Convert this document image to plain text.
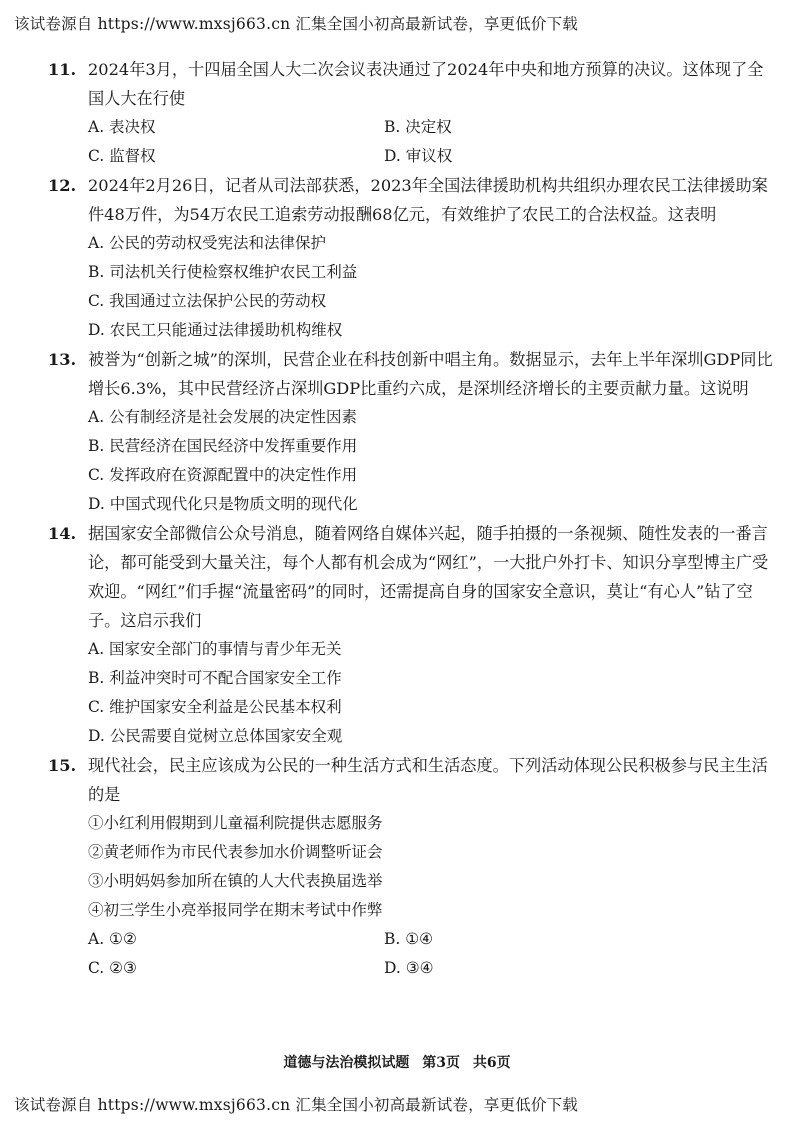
该试卷源自 https://www.mxsj663.cn 汇集全国小初高最新试卷，享更低价下载
11. 2024年3月，十四届全国人大二次会议表决通过了2024年中央和地方预算的决议。这体现了全国人大在行使
A. 表决权	B. 决定权
C. 监督权	D. 审议权
12. 2024年2月26日，记者从司法部获悉，2023年全国法律援助机构共组织办理农民工法律援助案件48万件，为54万农民工追索劳动报酬68亿元，有效维护了农民工的合法权益。这表明
A. 公民的劳动权受宪法和法律保护
B. 司法机关行使检察权维护农民工利益
C. 我国通过立法保护公民的劳动权
D. 农民工只能通过法律援助机构维权
13. 被誉为“创新之城”的深圳，民营企业在科技创新中唱主角。数据显示，去年上半年深圳GDP同比增长6.3%，其中民营经济占深圳GDP比重约六成，是深圳经济增长的主要贡献力量。这说明
A. 公有制经济是社会发展的决定性因素
B. 民营经济在国民经济中发挥重要作用
C. 发挥政府在资源配置中的决定性作用
D. 中国式现代化只是物质文明的现代化
14. 据国家安全部微信公众号消息，随着网络自媒体兴起，随手拍摄的一条视频、随性发表的一番言论，都可能受到大量关注，每个人都有机会成为“网红”，一大批户外打卡、知识分享型博主广受欢迎。“网红”们手握“流量密码”的同时，还需提高自身的国家安全意识，莫让“有心人”钻了空子。这启示我们
A. 国家安全部门的事情与青少年无关
B. 利益冲突时可不配合国家安全工作
C. 维护国家安全利益是公民基本权利
D. 公民需要自觉树立总体国家安全观
15. 现代社会，民主应该成为公民的一种生活方式和生活态度。下列活动体现公民积极参与民主生活的是
①小红利用假期到儿童福利院提供志愿服务
②黄老师作为市民代表参加水价调整听证会
③小明妈妈参加所在镇的人大代表换届选举
④初三学生小亮举报同学在期末考试中作弊
A. ①②	B. ①④
C. ②③	D. ③④
道德与法治模拟试题 第3页 共6页
该试卷源自 https://www.mxsj663.cn 汇集全国小初高最新试卷，享更低价下载
